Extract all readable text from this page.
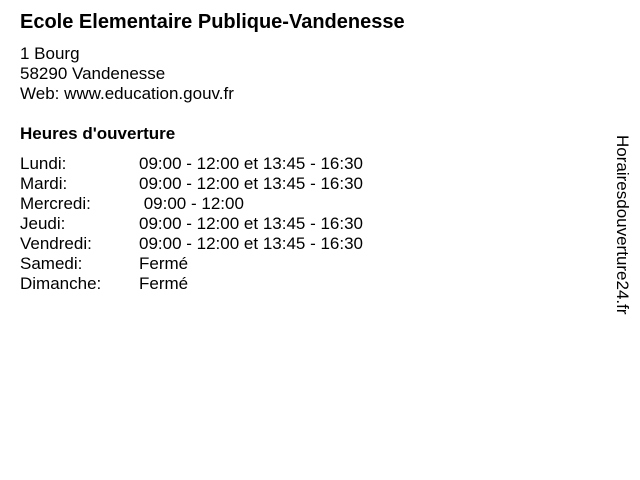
Ecole Elementaire Publique-Vandenesse
1 Bourg
58290 Vandenesse
Web: www.education.gouv.fr
Heures d'ouverture
Lundi:	09:00 - 12:00 et 13:45 - 16:30
Mardi:	09:00 - 12:00 et 13:45 - 16:30
Mercredi:	09:00 - 12:00
Jeudi:	09:00 - 12:00 et 13:45 - 16:30
Vendredi:	09:00 - 12:00 et 13:45 - 16:30
Samedi:	Fermé
Dimanche:	Fermé	Horairesdouverture24.fr
